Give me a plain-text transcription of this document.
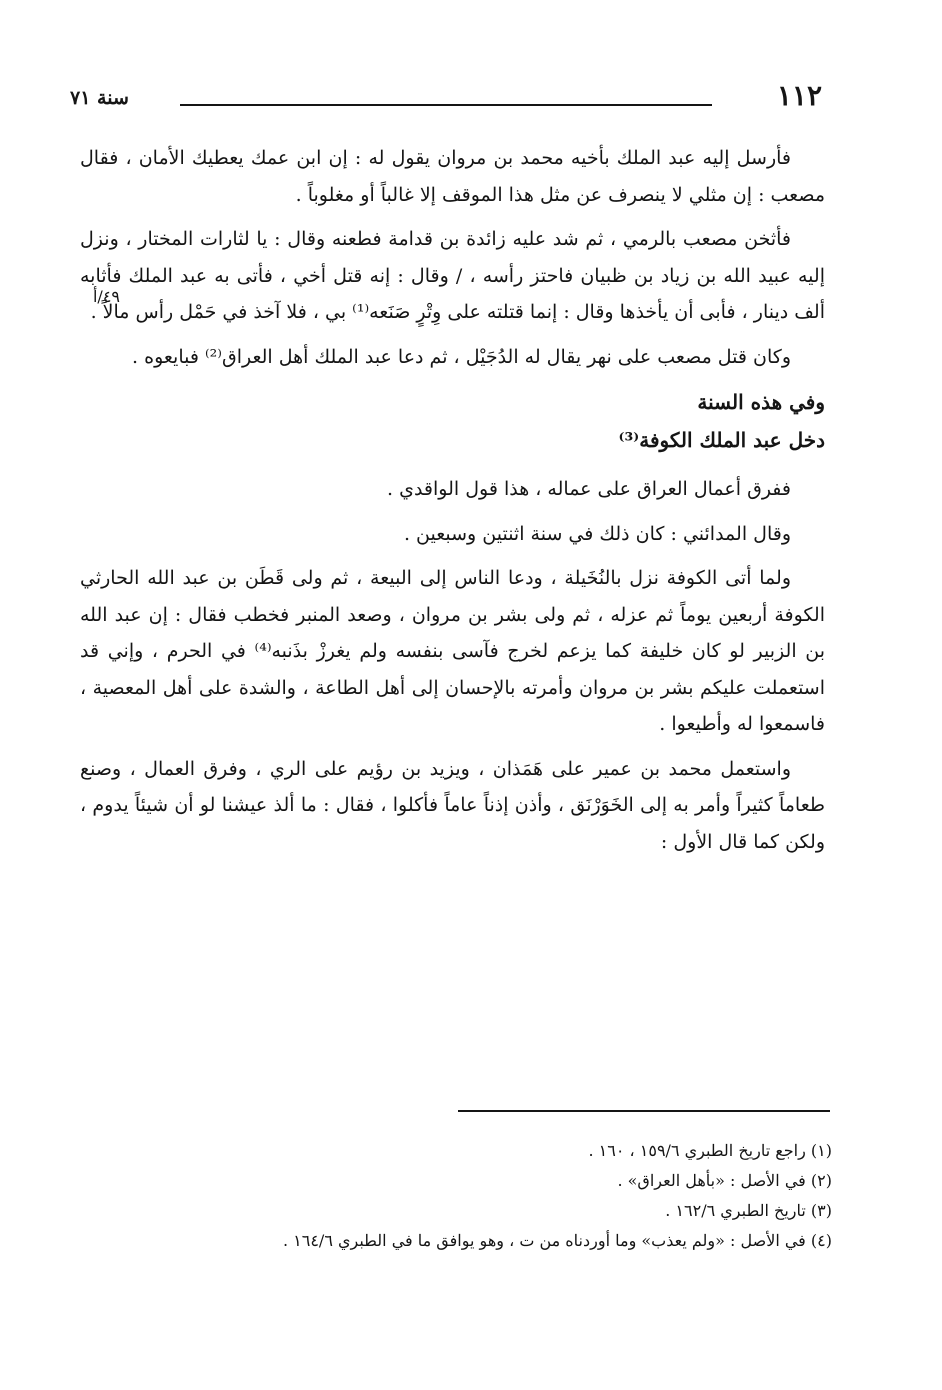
١١٢
سنة ٧١
٤٩/أ

فأرسل إليه عبد الملك بأخيه محمد بن مروان يقول له : إن ابن عمك يعطيك الأمان ، فقال مصعب : إن مثلي لا ينصرف عن مثل هذا الموقف إلا غالباً أو مغلوباً .

فأثخن مصعب بالرمي ، ثم شد عليه زائدة بن قدامة فطعنه وقال : يا لثارات المختار ، ونزل إليه عبيد الله بن زياد بن ظبيان فاحتز رأسه ، / وقال : إنه قتل أخي ، فأتى به عبد الملك فأثابه ألف دينار ، فأبى أن يأخذها وقال : إنما قتلته على وِتْرٍ صَنَعه⁽¹⁾ بي ، فلا آخذ في حَمْل رأس مالاً .

وكان قتل مصعب على نهر يقال له الدُجَيْل ، ثم دعا عبد الملك أهل العراق⁽²⁾ فبايعوه .

وفي هذه السنة

دخل عبد الملك الكوفة⁽³⁾

ففرق أعمال العراق على عماله ، هذا قول الواقدي .

وقال المدائني : كان ذلك في سنة اثنتين وسبعين .

ولما أتى الكوفة نزل بالنُخَيلة ، ودعا الناس إلى البيعة ، ثم ولى قَطَن بن عبد الله الحارثي الكوفة أربعين يوماً ثم عزله ، ثم ولى بشر بن مروان ، وصعد المنبر فخطب فقال : إن عبد الله بن الزبير لو كان خليفة كما يزعم لخرج فآسى بنفسه ولم يغرزْ بذَنبه⁽⁴⁾ في الحرم ، وإني قد استعملت عليكم بشر بن مروان وأمرته بالإحسان إلى أهل الطاعة ، والشدة على أهل المعصية ، فاسمعوا له وأطيعوا .

واستعمل محمد بن عمير على هَمَذان ، ويزيد بن رؤيم على الري ، وفرق العمال ، وصنع طعاماً كثيراً وأمر به إلى الخَوَرْنَق ، وأذن إذناً عاماً فأكلوا ، فقال : ما ألذ عيشنا لو أن شيئاً يدوم ، ولكن كما قال الأول :

(١) راجع تاريخ الطبري ١٥٩/٦ ، ١٦٠ .

(٢) في الأصل : «بأهل العراق» .

(٣) تاريخ الطبري ١٦٢/٦ .

(٤) في الأصل : «ولم يعذب» وما أوردناه من ت ، وهو يوافق ما في الطبري ١٦٤/٦ .
